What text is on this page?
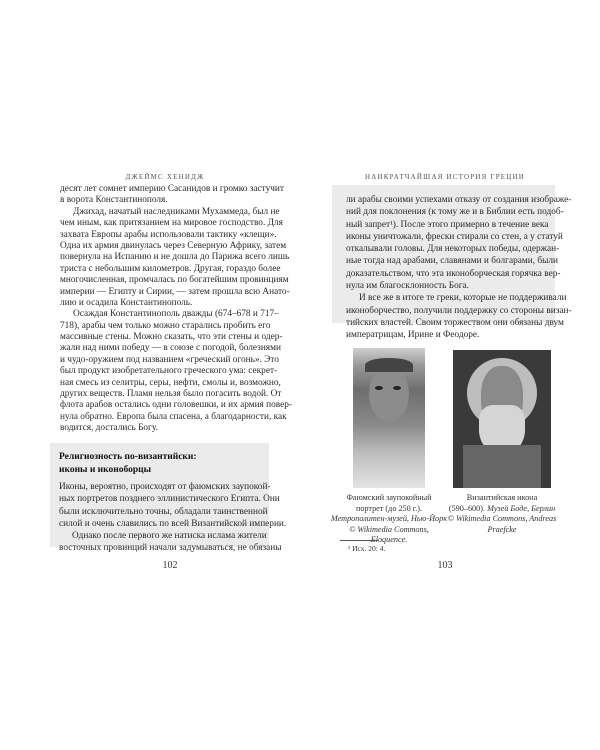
ДЖЕЙМС ХЕНИДЖ
десят лет сомнет империю Сасанидов и громко застучит
в ворота Константинополя.
Джихад, начатый наследниками Мухаммеда, был не
чем иным, как притязанием на мировое господство. Для
захвата Европы арабы использовали тактику «клещи».
Одна их армия двинулась через Северную Африку, затем
повернула на Испанию и не дошла до Парижа всего лишь
триста с небольшим километров. Другая, гораздо более
многочисленная, промчалась по богатейшим провинциям
империи — Египту и Сирии, — затем прошла всю Анато-
лию и осадила Константинополь.
Осаждая Константинополь дважды (674–678 и 717–
718), арабы чем только можно старались пробить его
массивные стены. Можно сказать, что эти стены и одер-
жали над ними победу — в союзе с погодой, болезнями
и чудо-оружием под названием «греческий огонь». Это
был продукт изобретательного греческого ума: секрет-
ная смесь из селитры, серы, нефти, смолы и, возможно,
других веществ. Пламя нельзя было погасить водой. От
флота арабов остались одни головешки, и их армия повер-
нула обратно. Европа была спасена, а благодарности, как
водится, достались Богу.
Религиозность по-византийски:
иконы и иконоборцы
Иконы, вероятно, происходят от фаюмских заупокой-
ных портретов позднего эллинистического Египта. Они
были исключительно точны, обладали таинственной
силой и очень славились по всей Византийской империи.
Однако после первого же натиска ислама жители
восточных провинций начали задумываться, не обязаны
102
НАИКРАТЧАЙШАЯ ИСТОРИЯ ГРЕЦИИ
ли арабы своими успехами отказу от создания изображе-
ний для поклонения (к тому же и в Библии есть подоб-
ный запрет¹). После этого примерно в течение века
иконы уничтожали, фрески стирали со стен, а у статуй
откалывали головы. Для некоторых победы, одержан-
ные тогда над арабами, славянами и болгарами, были
доказательством, что эта иконоборческая горячка вер-
нула им благосклонность Бога.
И все же в итоге те греки, которые не поддерживали
иконоборчество, получили поддержку со стороны визан-
тийских властей. Своим торжеством они обязаны двум
императрицам, Ирине и Феодоре.
Фаюмский заупокойный
портрет (до 250 г.).
Метрополитен-музей, Нью-Йорк
© Wikimedia Commons, Eloquence.
Византийская икона
(590–600). Музей Боде, Берлин
© Wikimedia Commons, Andreas
Praefcke
¹ Исх. 20: 4.
103
